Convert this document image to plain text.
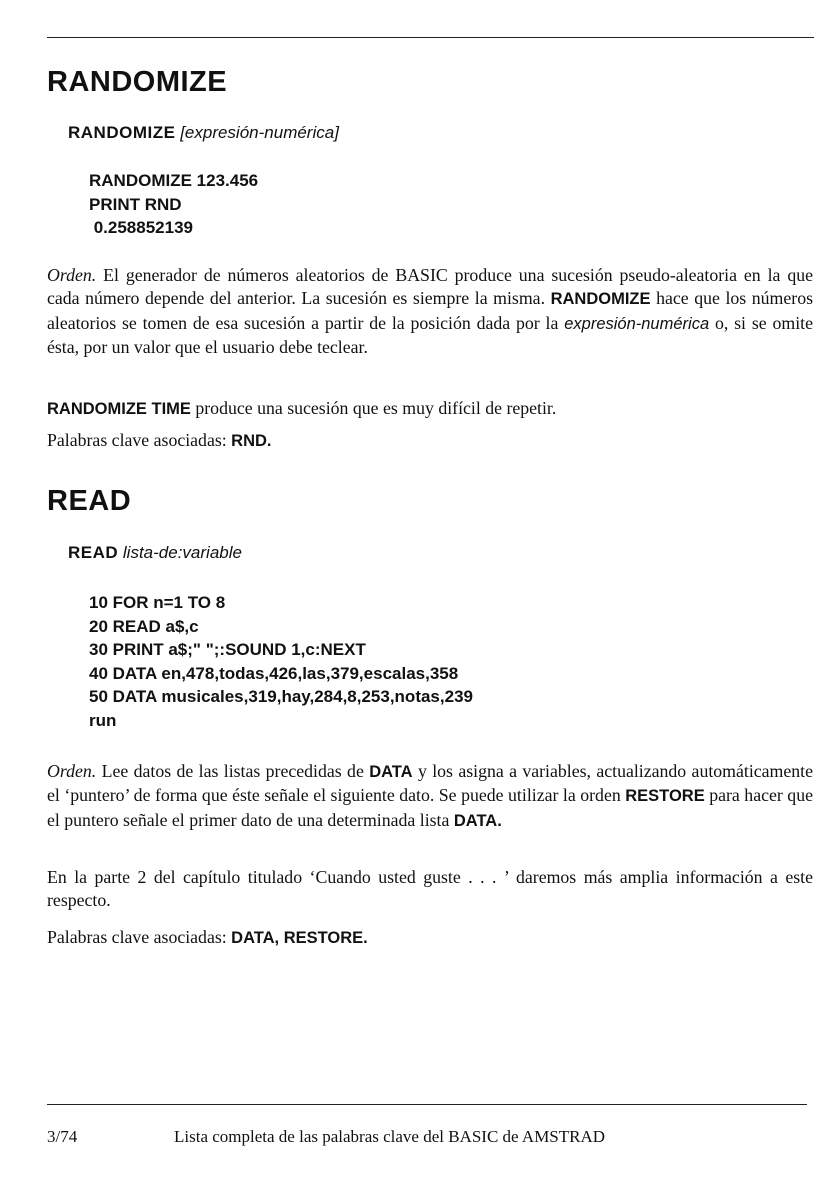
RANDOMIZE

RANDOMIZE [expresión-numérica]

RANDOMIZE 123.456
PRINT RND
0.258852139

Orden. El generador de números aleatorios de BASIC produce una sucesión pseudo-aleatoria en la que cada número depende del anterior. La sucesión es siempre la misma. RANDOMIZE hace que los números aleatorios se tomen de esa sucesión a partir de la posición dada por la expresión-numérica o, si se omite ésta, por un valor que el usuario debe teclear.

RANDOMIZE TIME produce una sucesión que es muy difícil de repetir.

Palabras clave asociadas: RND.

READ

READ lista-de:variable

10 FOR n=1 TO 8
20 READ a$,c
30 PRINT a$;" ";:SOUND 1,c:NEXT
40 DATA en,478,todas,426,las,379,escalas,358
50 DATA musicales,319,hay,284,8,253,notas,239
run

Orden. Lee datos de las listas precedidas de DATA y los asigna a variables, actualizando automáticamente el ‘puntero’ de forma que éste señale el siguiente dato. Se puede utilizar la orden RESTORE para hacer que el puntero señale el primer dato de una determinada lista DATA.

En la parte 2 del capítulo titulado ‘Cuando usted guste . . . ’ daremos más amplia información a este respecto.

Palabras clave asociadas: DATA, RESTORE.

3/74	Lista completa de las palabras clave del BASIC de AMSTRAD
